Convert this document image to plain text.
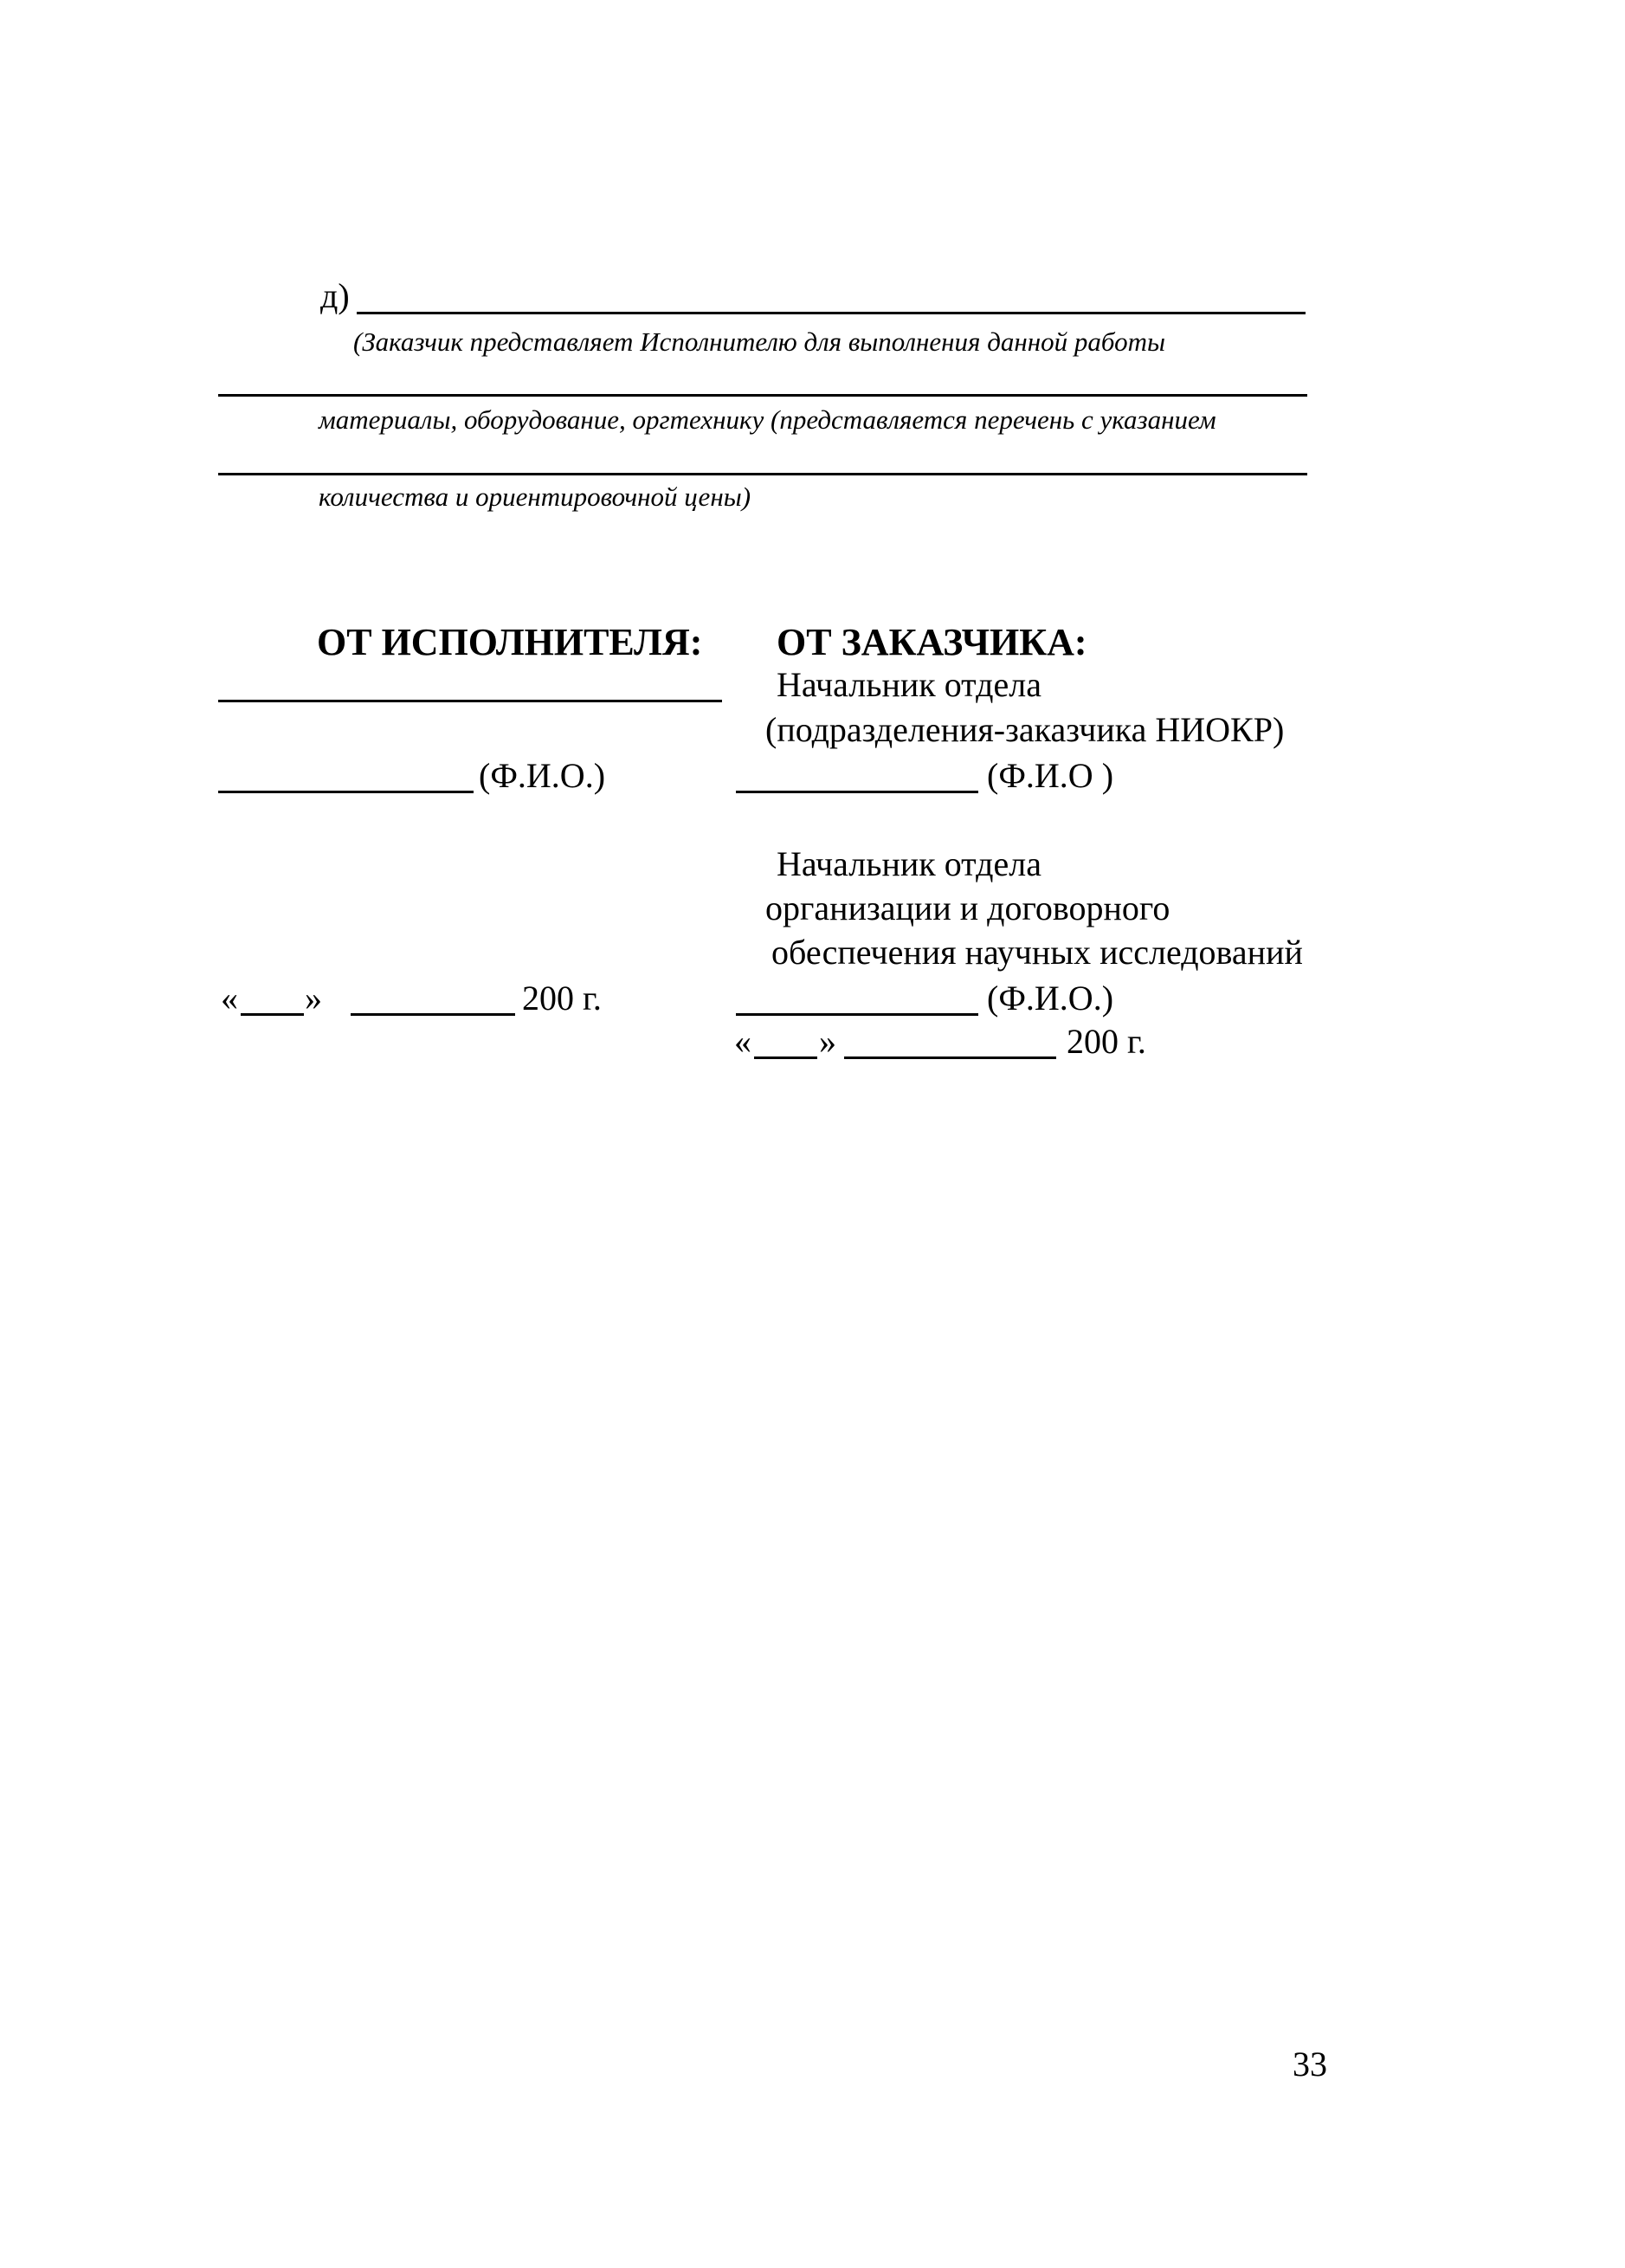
д)
(Заказчик представляет Исполнителю для выполнения данной работы
материалы, оборудование, оргтехнику (представляется перечень с указанием
количества и ориентировочной цены)
ОТ ИСПОЛНИТЕЛЯ:
(Ф.И.О.)
« »	200 г.
ОТ ЗАКАЗЧИКА:
Начальник отдела
(подразделения-заказчика НИОКР)
(Ф.И.О )
Начальник отдела
организации и договорного
обеспечения научных исследований
(Ф.И.О.)
« »	200 г.
33
